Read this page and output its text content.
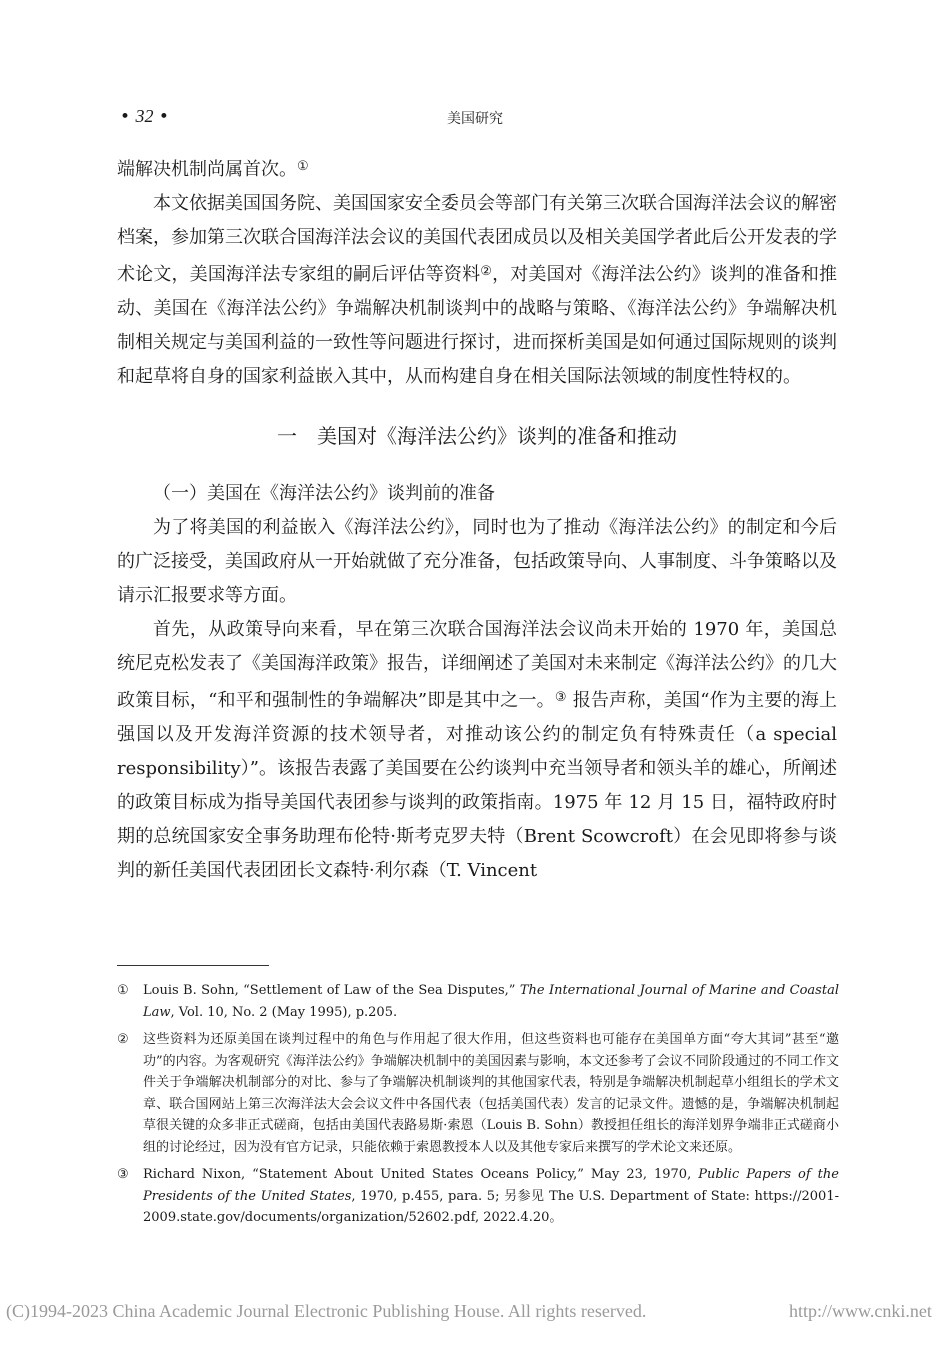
• 32 •	美国研究

端解决机制尚属首次。①

本文依据美国国务院、美国国家安全委员会等部门有关第三次联合国海洋法会议的解密档案，参加第三次联合国海洋法会议的美国代表团成员以及相关美国学者此后公开发表的学术论文，美国海洋法专家组的嗣后评估等资料②，对美国对《海洋法公约》谈判的准备和推动、美国在《海洋法公约》争端解决机制谈判中的战略与策略、《海洋法公约》争端解决机制相关规定与美国利益的一致性等问题进行探讨，进而探析美国是如何通过国际规则的谈判和起草将自身的国家利益嵌入其中，从而构建自身在相关国际法领域的制度性特权的。

一　美国对《海洋法公约》谈判的准备和推动
（一）美国在《海洋法公约》谈判前的准备

为了将美国的利益嵌入《海洋法公约》，同时也为了推动《海洋法公约》的制定和今后的广泛接受，美国政府从一开始就做了充分准备，包括政策导向、人事制度、斗争策略以及请示汇报要求等方面。

首先，从政策导向来看，早在第三次联合国海洋法会议尚未开始的 1970 年，美国总统尼克松发表了《美国海洋政策》报告，详细阐述了美国对未来制定《海洋法公约》的几大政策目标，“和平和强制性的争端解决”即是其中之一。③ 报告声称，美国“作为主要的海上强国以及开发海洋资源的技术领导者，对推动该公约的制定负有特殊责任（a special responsibility）”。该报告表露了美国要在公约谈判中充当领导者和领头羊的雄心，所阐述的政策目标成为指导美国代表团参与谈判的政策指南。1975 年 12 月 15 日，福特政府时期的总统国家安全事务助理布伦特·斯考克罗夫特（Brent Scowcroft）在会见即将参与谈判的新任美国代表团团长文森特·利尔森（T. Vincent

① Louis B. Sohn, “Settlement of Law of the Sea Disputes,” The International Journal of Marine and Coastal Law, Vol. 10, No. 2 (May 1995), p.205.
② 这些资料为还原美国在谈判过程中的角色与作用起了很大作用，但这些资料也可能存在美国单方面“夸大其词”甚至“邀功”的内容。为客观研究《海洋法公约》争端解决机制中的美国因素与影响，本文还参考了会议不同阶段通过的不同工作文件关于争端解决机制部分的对比、参与了争端解决机制谈判的其他国家代表，特别是争端解决机制起草小组组长的学术文章、联合国网站上第三次海洋法大会会议文件中各国代表（包括美国代表）发言的记录文件。遗憾的是，争端解决机制起草很关键的众多非正式磋商，包括由美国代表路易斯·索恩（Louis B. Sohn）教授担任组长的海洋划界争端非正式磋商小组的讨论经过，因为没有官方记录，只能依赖于索恩教授本人以及其他专家后来撰写的学术论文来还原。
③ Richard Nixon, “Statement About United States Oceans Policy,” May 23, 1970, Public Papers of the Presidents of the United States, 1970, p.455, para. 5; 另参见 The U.S. Department of State: https://2001-2009.state.gov/documents/organization/52602.pdf, 2022.4.20。
(C)1994-2023 China Academic Journal Electronic Publishing House. All rights reserved.	http://www.cnki.net
